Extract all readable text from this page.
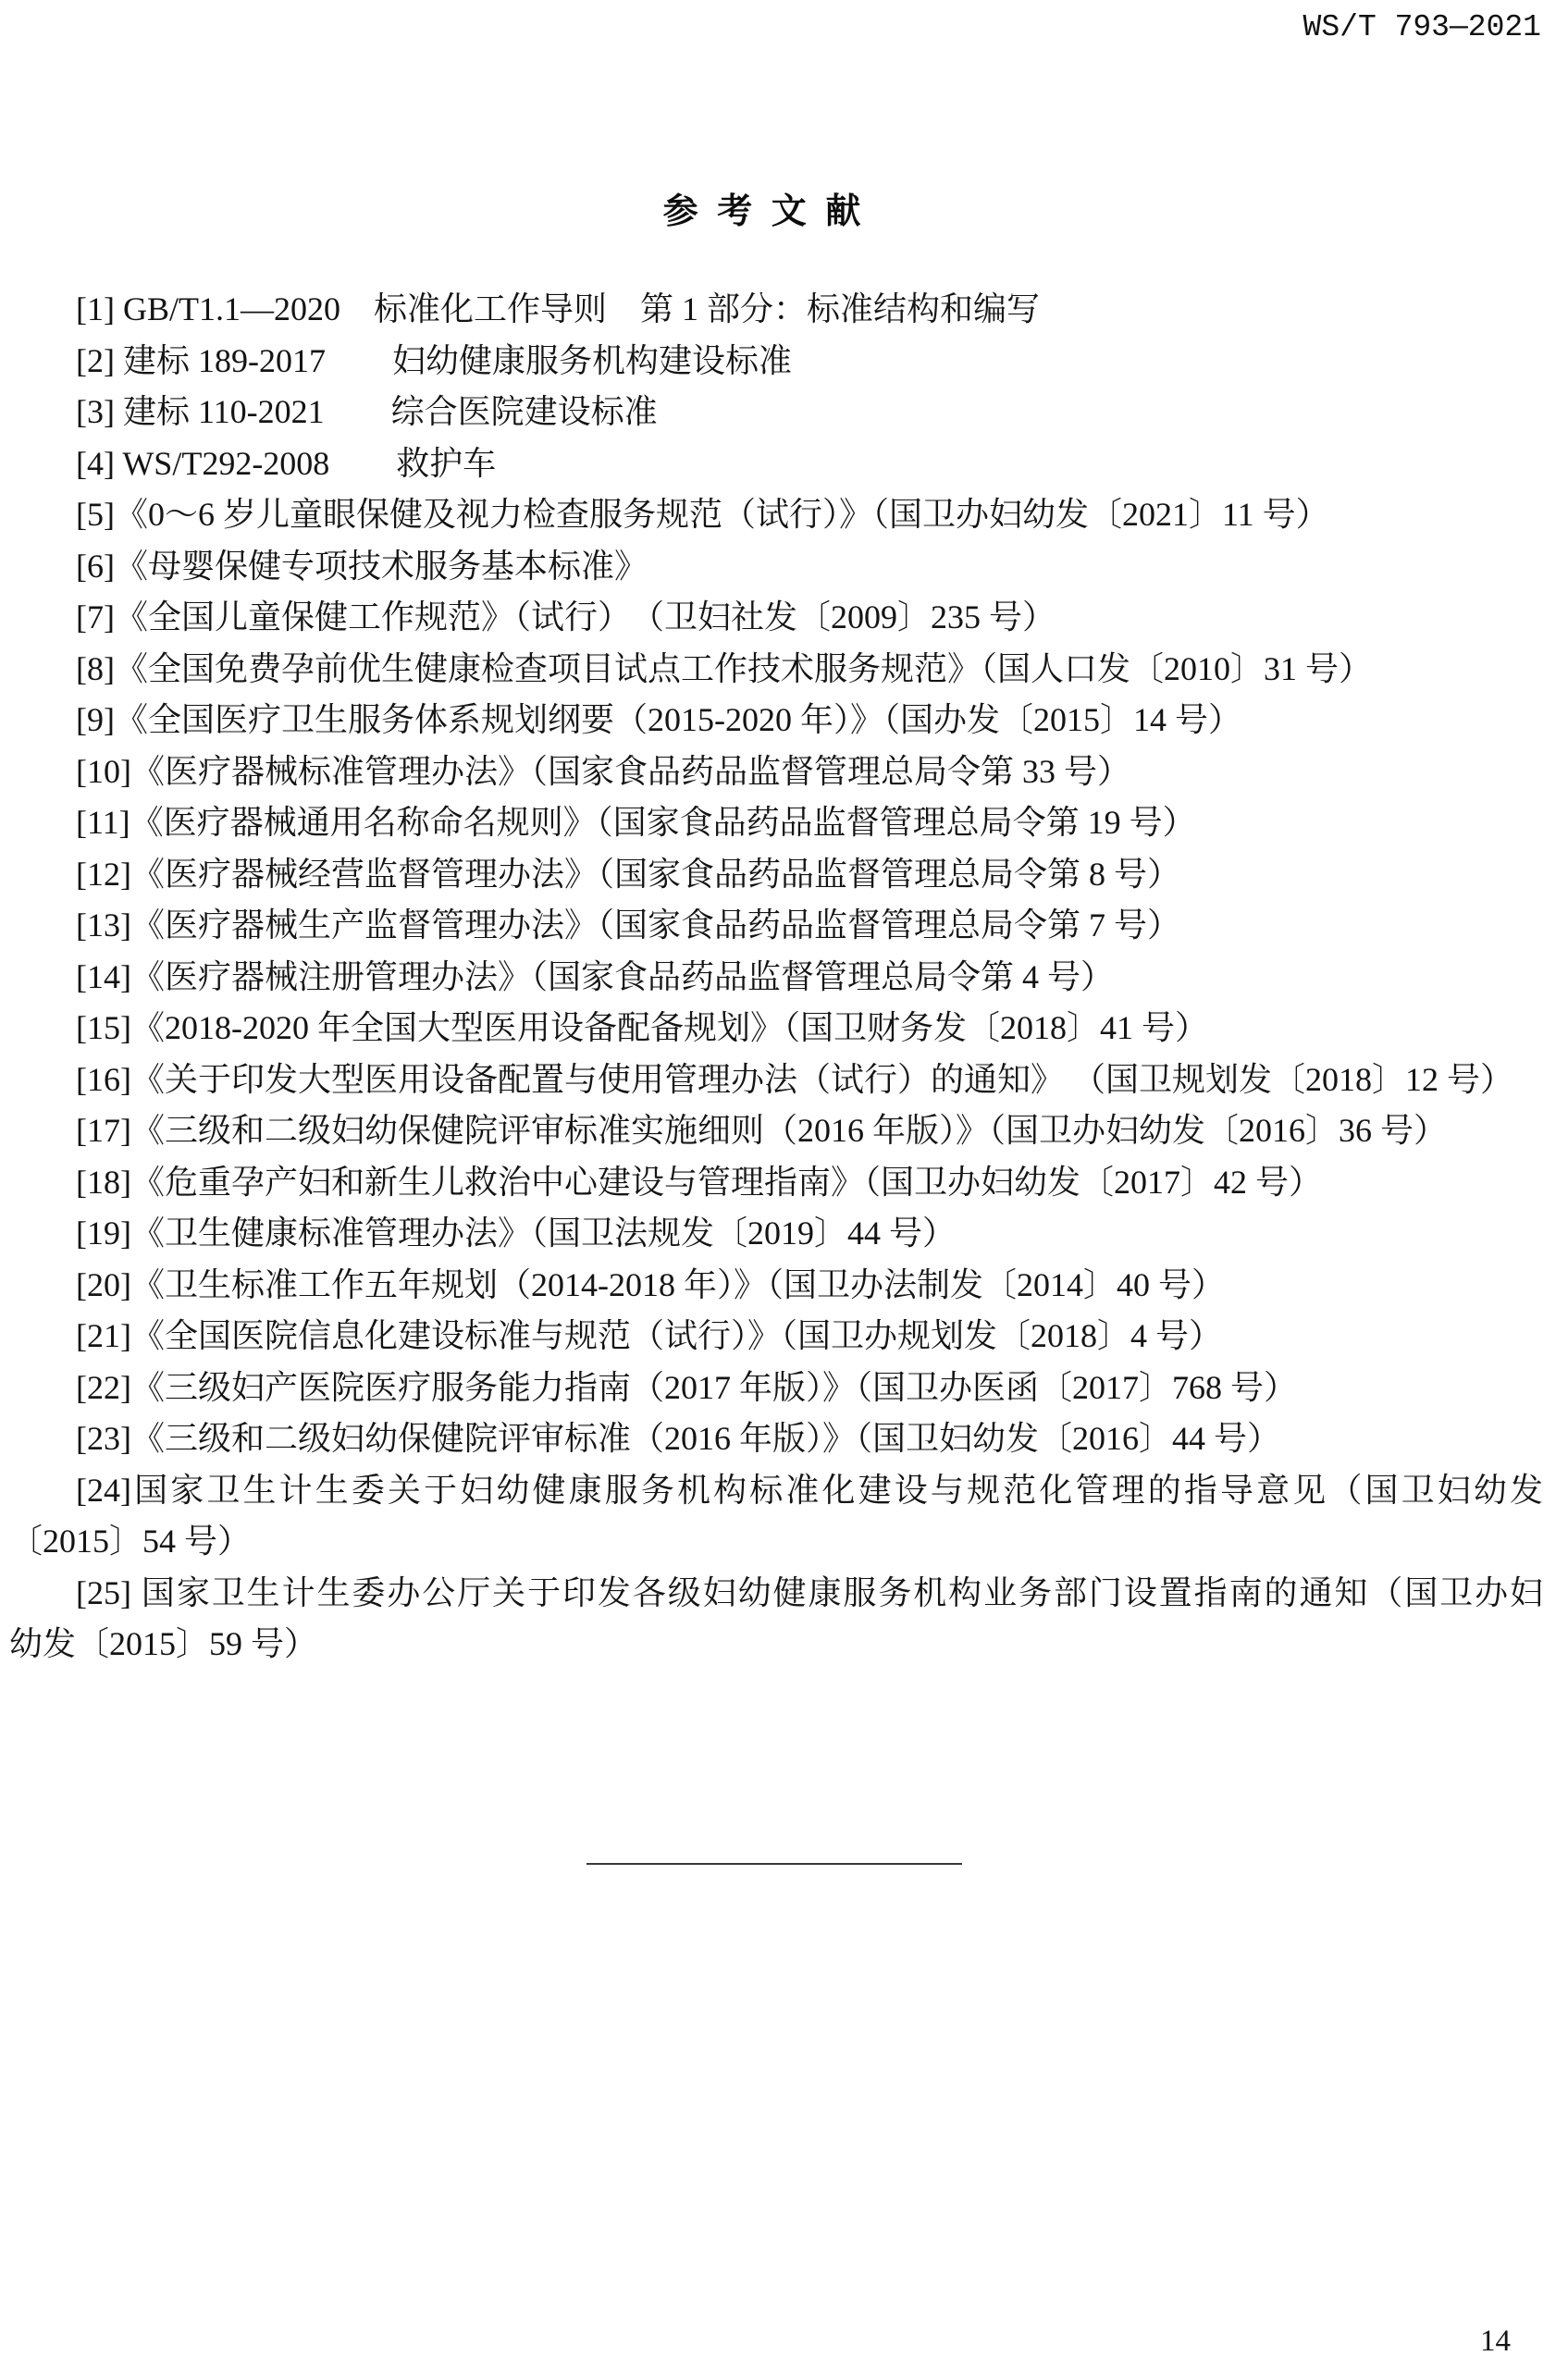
WS/T 793—2021
参 考 文 献
[1] GB/T1.1—2020　标准化工作导则　第 1 部分：标准结构和编写
[2] 建标 189-2017　　妇幼健康服务机构建设标准
[3] 建标 110-2021　　综合医院建设标准
[4] WS/T292-2008　　救护车
[5]《0～6 岁儿童眼保健及视力检查服务规范（试行）》（国卫办妇幼发〔2021〕11 号）
[6]《母婴保健专项技术服务基本标准》
[7]《全国儿童保健工作规范》（试行）　（卫妇社发〔2009〕235 号）
[8]《全国免费孕前优生健康检查项目试点工作技术服务规范》（国人口发〔2010〕31 号）
[9]《全国医疗卫生服务体系规划纲要（2015-2020 年）》（国办发〔2015〕14 号）
[10]《医疗器械标准管理办法》（国家食品药品监督管理总局令第 33 号）
[11]《医疗器械通用名称命名规则》（国家食品药品监督管理总局令第 19 号）
[12]《医疗器械经营监督管理办法》（国家食品药品监督管理总局令第 8 号）
[13]《医疗器械生产监督管理办法》（国家食品药品监督管理总局令第 7 号）
[14]《医疗器械注册管理办法》（国家食品药品监督管理总局令第 4 号）
[15]《2018-2020 年全国大型医用设备配备规划》（国卫财务发〔2018〕41 号）
[16]《关于印发大型医用设备配置与使用管理办法（试行）的通知》 （国卫规划发〔2018〕12 号）
[17]《三级和二级妇幼保健院评审标准实施细则（2016 年版）》（国卫办妇幼发〔2016〕36 号）
[18]《危重孕产妇和新生儿救治中心建设与管理指南》（国卫办妇幼发〔2017〕42 号）
[19]《卫生健康标准管理办法》（国卫法规发〔2019〕44 号）
[20]《卫生标准工作五年规划（2014-2018 年）》（国卫办法制发〔2014〕40 号）
[21]《全国医院信息化建设标准与规范（试行）》（国卫办规划发〔2018〕4 号）
[22]《三级妇产医院医疗服务能力指南（2017 年版）》（国卫办医函〔2017〕768 号）
[23]《三级和二级妇幼保健院评审标准（2016 年版）》（国卫妇幼发〔2016〕44 号）
[24]国家卫生计生委关于妇幼健康服务机构标准化建设与规范化管理的指导意见（国卫妇幼发
〔2015〕54 号）
[25] 国家卫生计生委办公厅关于印发各级妇幼健康服务机构业务部门设置指南的通知（国卫办妇
幼发〔2015〕59 号）
14
